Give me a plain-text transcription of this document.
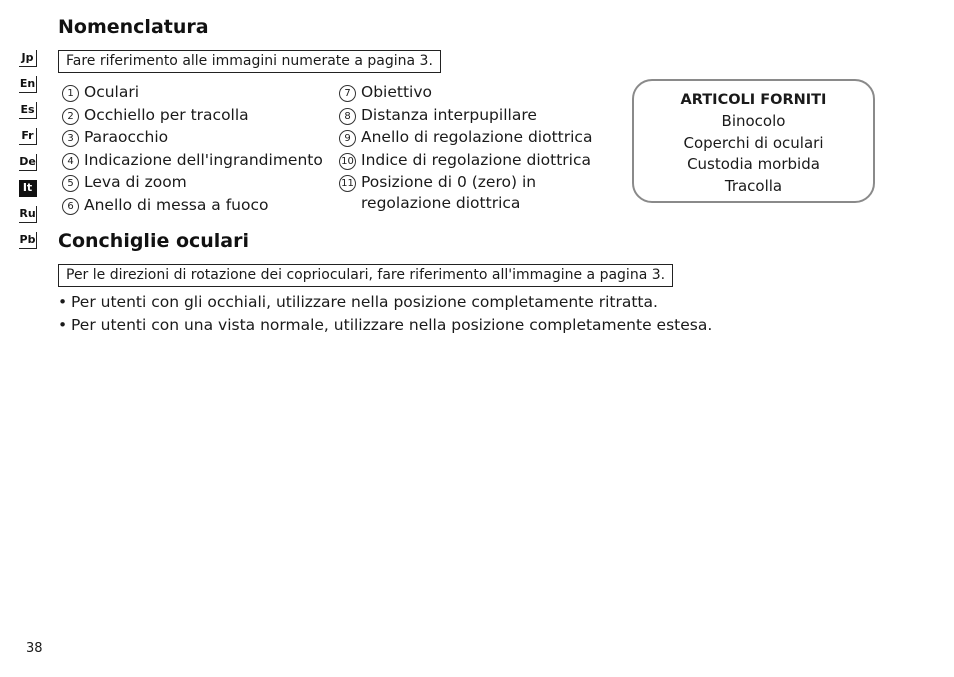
Jp
En
Es
Fr
De
It
Ru
Pb
Nomenclatura
Fare riferimento alle immagini numerate a pagina 3.
1 Oculari
2 Occhiello per tracolla
3 Paraocchio
4 Indicazione dell'ingrandimento
5 Leva di zoom
6 Anello di messa a fuoco
7 Obiettivo
8 Distanza interpupillare
9 Anello di regolazione diottrica
10 Indice di regolazione diottrica
11 Posizione di 0 (zero) in
regolazione diottrica
ARTICOLI FORNITI
Binocolo
Coperchi di oculari
Custodia morbida
Tracolla
Conchiglie oculari
Per le direzioni di rotazione dei coprioculari, fare riferimento all'immagine a pagina 3.
• Per utenti con gli occhiali, utilizzare nella posizione completamente ritratta.
• Per utenti con una vista normale, utilizzare nella posizione completamente estesa.
38
